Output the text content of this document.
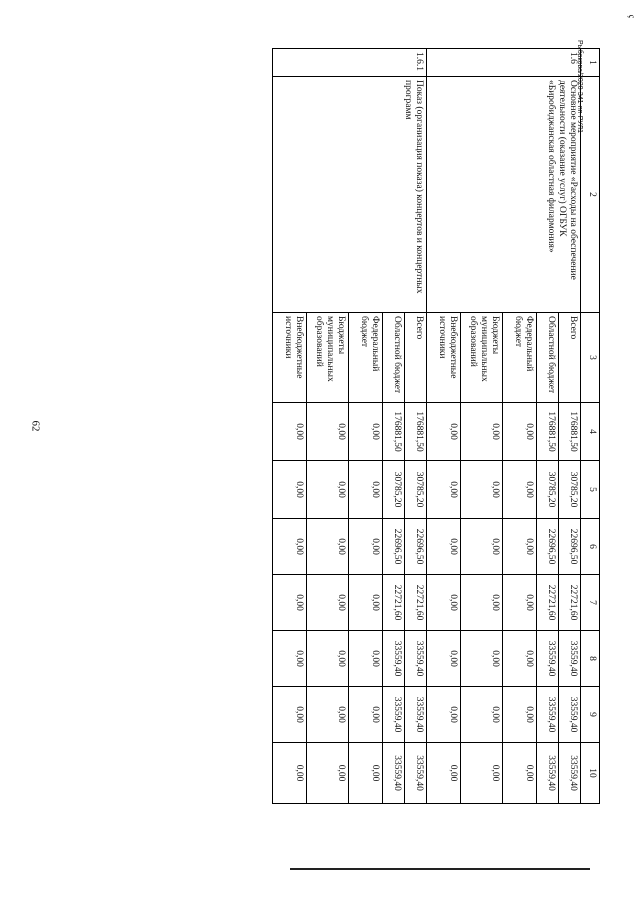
62
1	2	3	4	5	6	7	8	9	10
1.6	Основное мероприятие «Расходы на обеспечение деятельности (оказание услуг) ОГБУК «Биробиджанская областная филармония»	Всего	176881,50	30785,20	22696,50	22721,60	33559,40	33559,40	33559,40
		Областной бюджет	176881,50	30785,20	22696,50	22721,60	33559,40	33559,40	33559,40
		Федеральный бюджет	0,00	0,00	0,00	0,00	0,00	0,00	0,00
		Бюджеты муниципальных образований	0,00	0,00	0,00	0,00	0,00	0,00	0,00
		Внебюджетные источники	0,00	0,00	0,00	0,00	0,00	0,00	0,00
1.6.1	Показ (организация показа) концертов и концертных программ	Всего	176881,50	30785,20	22696,50	22721,60	33559,40	33559,40	33559,40
		Областной бюджет	176881,50	30785,20	22696,50	22721,60	33559,40	33559,40	33559,40
		Федеральный бюджет	0,00	0,00	0,00	0,00	0,00	0,00	0,00
		Бюджеты муниципальных образований	0,00	0,00	0,00	0,00	0,00	0,00	0,00
		Внебюджетные источники	0,00	0,00	0,00	0,00	0,00	0,00	0,00
Рыбакова/2020-341-пп-РУЛ1
ҫ
